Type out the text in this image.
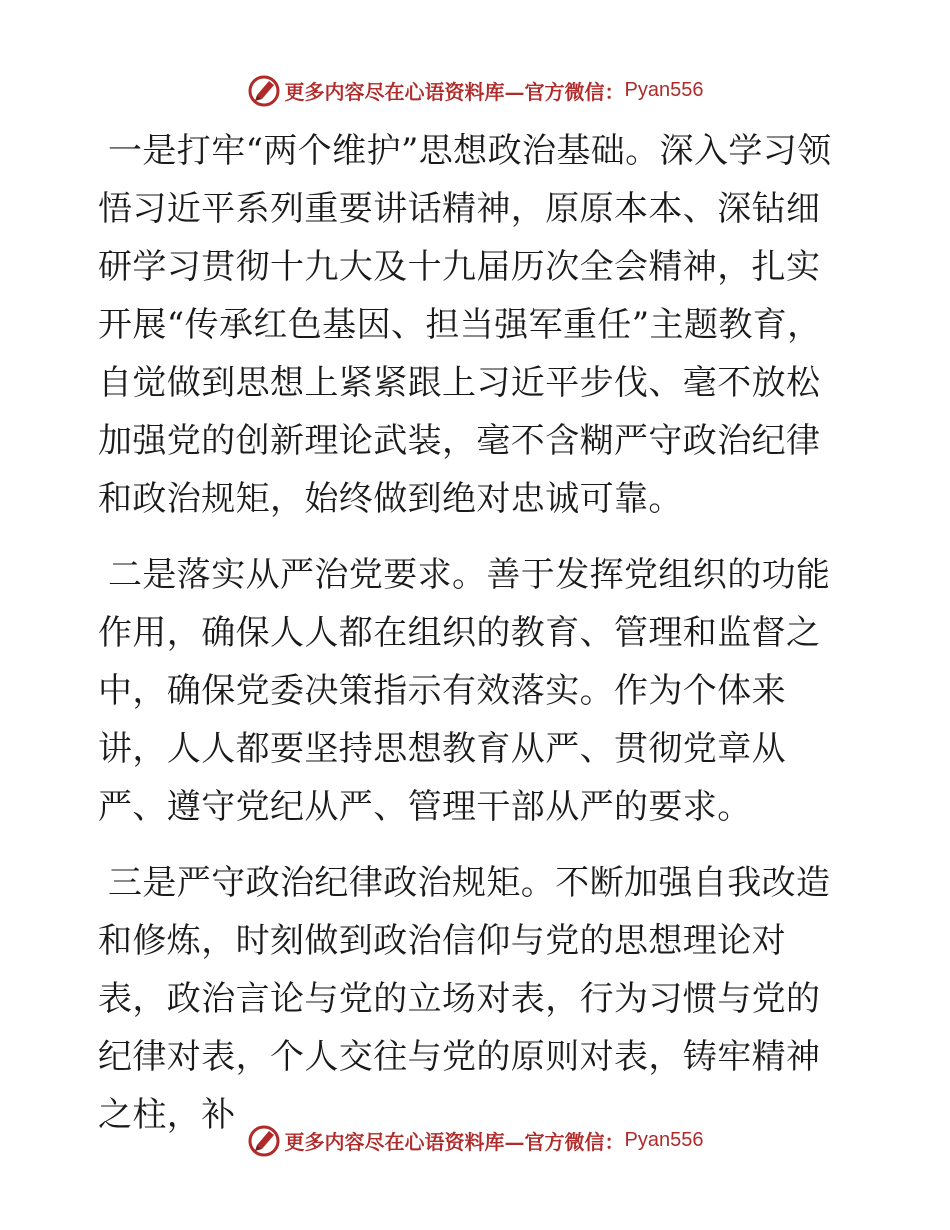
更多内容尽在心语资料库—官方微信： Pyan556

一是打牢“两个维护”思想政治基础。深入学习领悟习近平系列重要讲话精神，原原本本、深钻细研学习贯彻十九大及十九届历次全会精神，扎实开展“传承红色基因、担当强军重任”主题教育，自觉做到思想上紧紧跟上习近平步伐、毫不放松加强党的创新理论武装，毫不含糊严守政治纪律和政治规矩，始终做到绝对忠诚可靠。

二是落实从严治党要求。善于发挥党组织的功能作用，确保人人都在组织的教育、管理和监督之中，确保党委决策指示有效落实。作为个体来讲，人人都要坚持思想教育从严、贯彻党章从严、遵守党纪从严、管理干部从严的要求。

三是严守政治纪律政治规矩。不断加强自我改造和修炼，时刻做到政治信仰与党的思想理论对表，政治言论与党的立场对表，行为习惯与党的纪律对表，个人交往与党的原则对表，铸牢精神之柱，补

更多内容尽在心语资料库—官方微信： Pyan556
